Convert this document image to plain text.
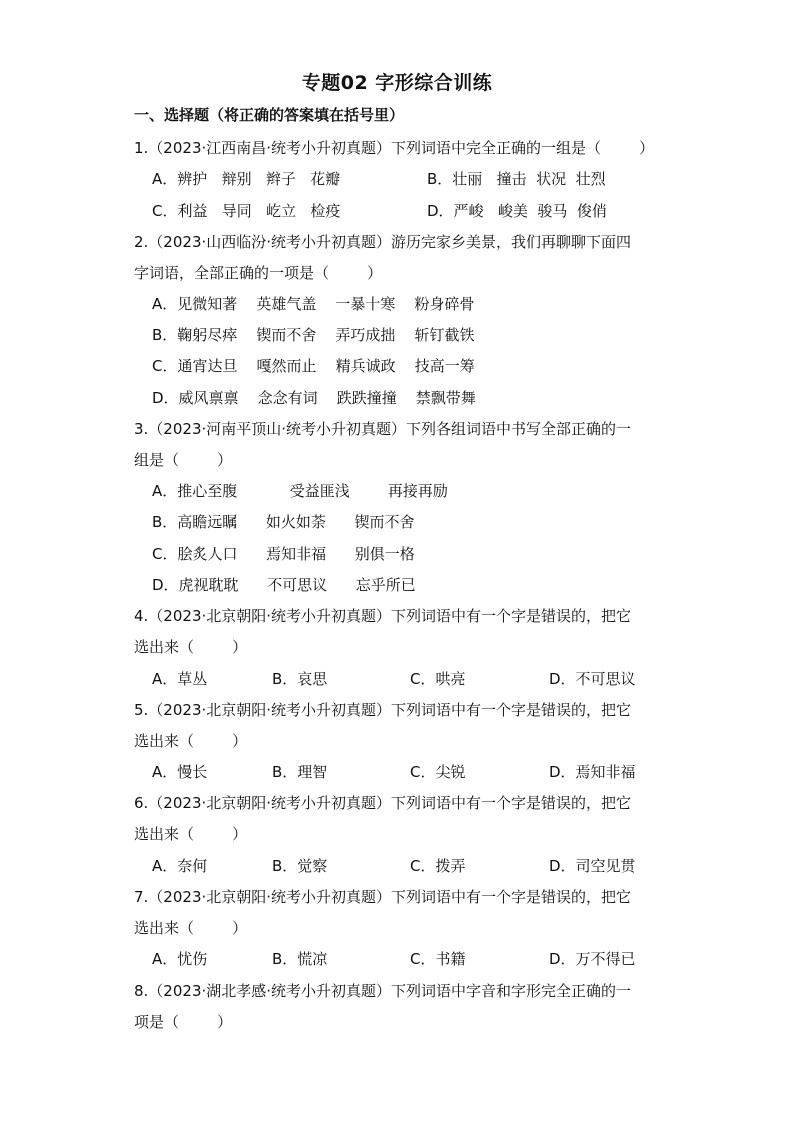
专题02 字形综合训练
一、选择题（将正确的答案填在括号里）
1.（2023·江西南昌·统考小升初真题）下列词语中完全正确的一组是（        ）
A．辨护   辩别   辫子   花瓣	B．壮丽   撞击  状况  壮烈
C．利益   导同   屹立   检疫	D．严峻   峻美  骏马  俊俏
2.（2023·山西临汾·统考小升初真题）游历完家乡美景，我们再聊聊下面四
字词语，全部正确的一项是（        ）
A．见微知著    英雄气盖    一暴十寒    粉身碎骨
B．鞠躬尽瘁    锲而不舍    弄巧成拙    斩钉截铁
C．通宵达旦    嘎然而止    精兵诚政    技高一筹
D．威风禀禀    念念有词    跌跌撞撞    禁飘带舞
3.（2023·河南平顶山·统考小升初真题）下列各组词语中书写全部正确的一
组是（        ）
A．推心至腹           受益匪浅        再接再励
B．高瞻远瞩      如火如荼      锲而不舍
C．脍炙人口      焉知非福      别俱一格
D．虎视耽耽      不可思议      忘乎所已
4.（2023·北京朝阳·统考小升初真题）下列词语中有一个字是错误的，把它
选出来（        ）
A．草丛	B．哀思	C．哄亮	D．不可思议
5.（2023·北京朝阳·统考小升初真题）下列词语中有一个字是错误的，把它
选出来（        ）
A．慢长	B．理智	C．尖锐	D．焉知非福
6.（2023·北京朝阳·统考小升初真题）下列词语中有一个字是错误的，把它
选出来（        ）
A．奈何	B．觉察	C．拨弄	D．司空见贯
7.（2023·北京朝阳·统考小升初真题）下列词语中有一个字是错误的，把它
选出来（        ）
A．忧伤	B．慌凉	C．书籍	D．万不得已
8.（2023·湖北孝感·统考小升初真题）下列词语中字音和字形完全正确的一
项是（        ）
